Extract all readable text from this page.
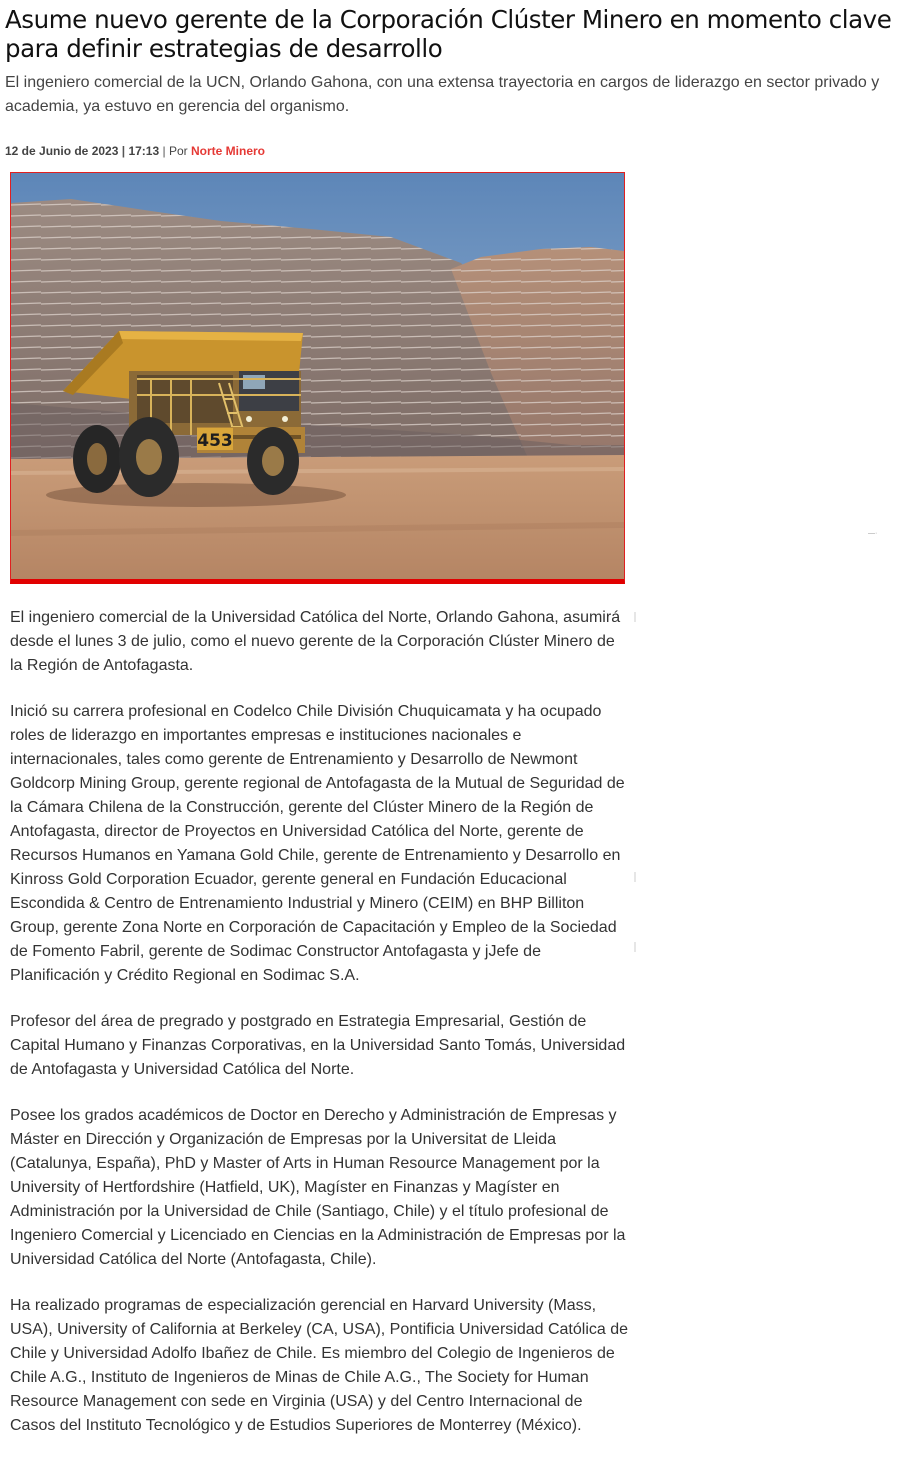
Asume nuevo gerente de la Corporación Clúster Minero en momento clave para definir estrategias de desarrollo

El ingeniero comercial de la UCN, Orlando Gahona, con una extensa trayectoria en cargos de liderazgo en sector privado y academia, ya estuvo en gerencia del organismo.

12 de Junio de 2023 | 17:13 | Por Norte Minero

453
—·

El ingeniero comercial de la Universidad Católica del Norte, Orlando Gahona, asumirá desde el lunes 3 de julio, como el nuevo gerente de la Corporación Clúster Minero de la Región de Antofagasta.

Inició su carrera profesional en Codelco Chile División Chuquicamata y ha ocupado roles de liderazgo en importantes empresas e instituciones nacionales e internacionales, tales como gerente de Entrenamiento y Desarrollo de Newmont Goldcorp Mining Group, gerente regional de Antofagasta de la Mutual de Seguridad de la Cámara Chilena de la Construcción, gerente del Clúster Minero de la Región de Antofagasta, director de Proyectos en Universidad Católica del Norte, gerente de Recursos Humanos en Yamana Gold Chile, gerente de Entrenamiento y Desarrollo en Kinross Gold Corporation Ecuador, gerente general en Fundación Educacional Escondida & Centro de Entrenamiento Industrial y Minero (CEIM) en BHP Billiton Group, gerente Zona Norte en Corporación de Capacitación y Empleo de la Sociedad de Fomento Fabril, gerente de Sodimac Constructor Antofagasta y jJefe de Planificación y Crédito Regional en Sodimac S.A.

Profesor del área de pregrado y postgrado en Estrategia Empresarial, Gestión de Capital Humano y Finanzas Corporativas, en la Universidad Santo Tomás, Universidad de Antofagasta y Universidad Católica del Norte.

Posee los grados académicos de Doctor en Derecho y Administración de Empresas y Máster en Dirección y Organización de Empresas por la Universitat de Lleida (Catalunya, España), PhD y Master of Arts in Human Resource Management por la University of Hertfordshire (Hatfield, UK), Magíster en Finanzas y Magíster en Administración por la Universidad de Chile (Santiago, Chile) y el título profesional de Ingeniero Comercial y Licenciado en Ciencias en la Administración de Empresas por la Universidad Católica del Norte (Antofagasta, Chile).

Ha realizado programas de especialización gerencial en Harvard University (Mass, USA), University of California at Berkeley (CA, USA), Pontificia Universidad Católica de Chile y Universidad Adolfo Ibañez de Chile. Es miembro del Colegio de Ingenieros de Chile A.G., Instituto de Ingenieros de Minas de Chile A.G., The Society for Human Resource Management con sede en Virginia (USA) y del Centro Internacional de Casos del Instituto Tecnológico y de Estudios Superiores de Monterrey (México).
